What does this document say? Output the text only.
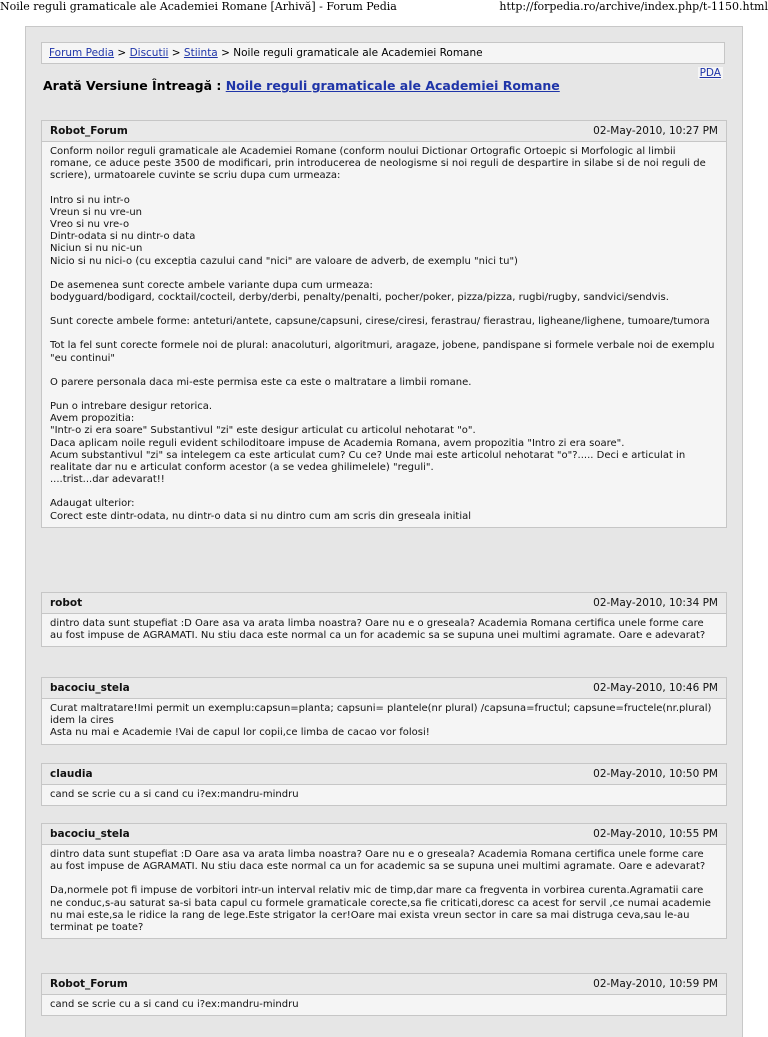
Noile reguli gramaticale ale Academiei Romane [Arhivă] - Forum Pedia	http://forpedia.ro/archive/index.php/t-1150.html
Forum Pedia > Discutii > Stiinta > Noile reguli gramaticale ale Academiei Romane
PDA
Arată Versiune Întreagă : Noile reguli gramaticale ale Academiei Romane
Robot_Forum	02-May-2010, 10:27 PM

Conform noilor reguli gramaticale ale Academiei Romane (conform noului Dictionar Ortografic Ortoepic si Morfologic al limbii romane, ce aduce peste 3500 de modificari, prin introducerea de neologisme si noi reguli de despartire in silabe si de noi reguli de scriere), urmatoarele cuvinte se scriu dupa cum urmeaza:

Intro si nu intr-o
Vreun si nu vre-un
Vreo si nu vre-o
Dintr-odata si nu dintr-o data
Niciun si nu nic-un
Nicio si nu nici-o (cu exceptia cazului cand "nici" are valoare de adverb, de exemplu "nici tu")

De asemenea sunt corecte ambele variante dupa cum urmeaza:
bodyguard/bodigard, cocktail/cocteil, derby/derbi, penalty/penalti, pocher/poker, pizza/pizza, rugbi/rugby, sandvici/sendvis.

Sunt corecte ambele forme: anteturi/antete, capsune/capsuni, cirese/ciresi, ferastrau/ fierastrau, ligheane/lighene, tumoare/tumora

Tot la fel sunt corecte formele noi de plural: anacoluturi, algoritmuri, aragaze, jobene, pandispane si formele verbale noi de exemplu "eu continui"

O parere personala daca mi-este permisa este ca este o maltratare a limbii romane.

Pun o intrebare desigur retorica.
Avem propozitia:
"Intr-o zi era soare" Substantivul "zi" este desigur articulat cu articolul nehotarat "o".
Daca aplicam noile reguli evident schiloditoare impuse de Academia Romana, avem propozitia "Intro zi era soare".
Acum substantivul "zi" sa intelegem ca este articulat cum? Cu ce? Unde mai este articolul nehotarat "o"?..... Deci e articulat in realitate dar nu e articulat conform acestor (a se vedea ghilimelele) "reguli".
....trist...dar adevarat!!

Adaugat ulterior:
Corect este dintr-odata, nu dintr-o data si nu dintro cum am scris din greseala initial

robot	02-May-2010, 10:34 PM

dintro data sunt stupefiat :D Oare asa va arata limba noastra? Oare nu e o greseala? Academia Romana certifica unele forme care au fost impuse de AGRAMATI. Nu stiu daca este normal ca un for academic sa se supuna unei multimi agramate. Oare e adevarat?

bacociu_stela	02-May-2010, 10:46 PM

Curat maltratare!Imi permit un exemplu:capsun=planta; capsuni= plantele(nr plural) /capsuna=fructul; capsune=fructele(nr.plural) idem la cires
Asta nu mai e Academie !Vai de capul lor copii,ce limba de cacao vor folosi!

claudia	02-May-2010, 10:50 PM

cand se scrie cu a si cand cu i?ex:mandru-mindru

bacociu_stela	02-May-2010, 10:55 PM

dintro data sunt stupefiat :D Oare asa va arata limba noastra? Oare nu e o greseala? Academia Romana certifica unele forme care au fost impuse de AGRAMATI. Nu stiu daca este normal ca un for academic sa se supuna unei multimi agramate. Oare e adevarat?

Da,normele pot fi impuse de vorbitori intr-un interval relativ mic de timp,dar mare ca fregventa in vorbirea curenta.Agramatii care ne conduc,s-au saturat sa-si bata capul cu formele gramaticale corecte,sa fie criticati,doresc ca acest for servil ,ce numai academie nu mai este,sa le ridice la rang de lege.Este strigator la cer!Oare mai exista vreun sector in care sa mai distruga ceva,sau le-au terminat pe toate?

Robot_Forum	02-May-2010, 10:59 PM

cand se scrie cu a si cand cu i?ex:mandru-mindru
